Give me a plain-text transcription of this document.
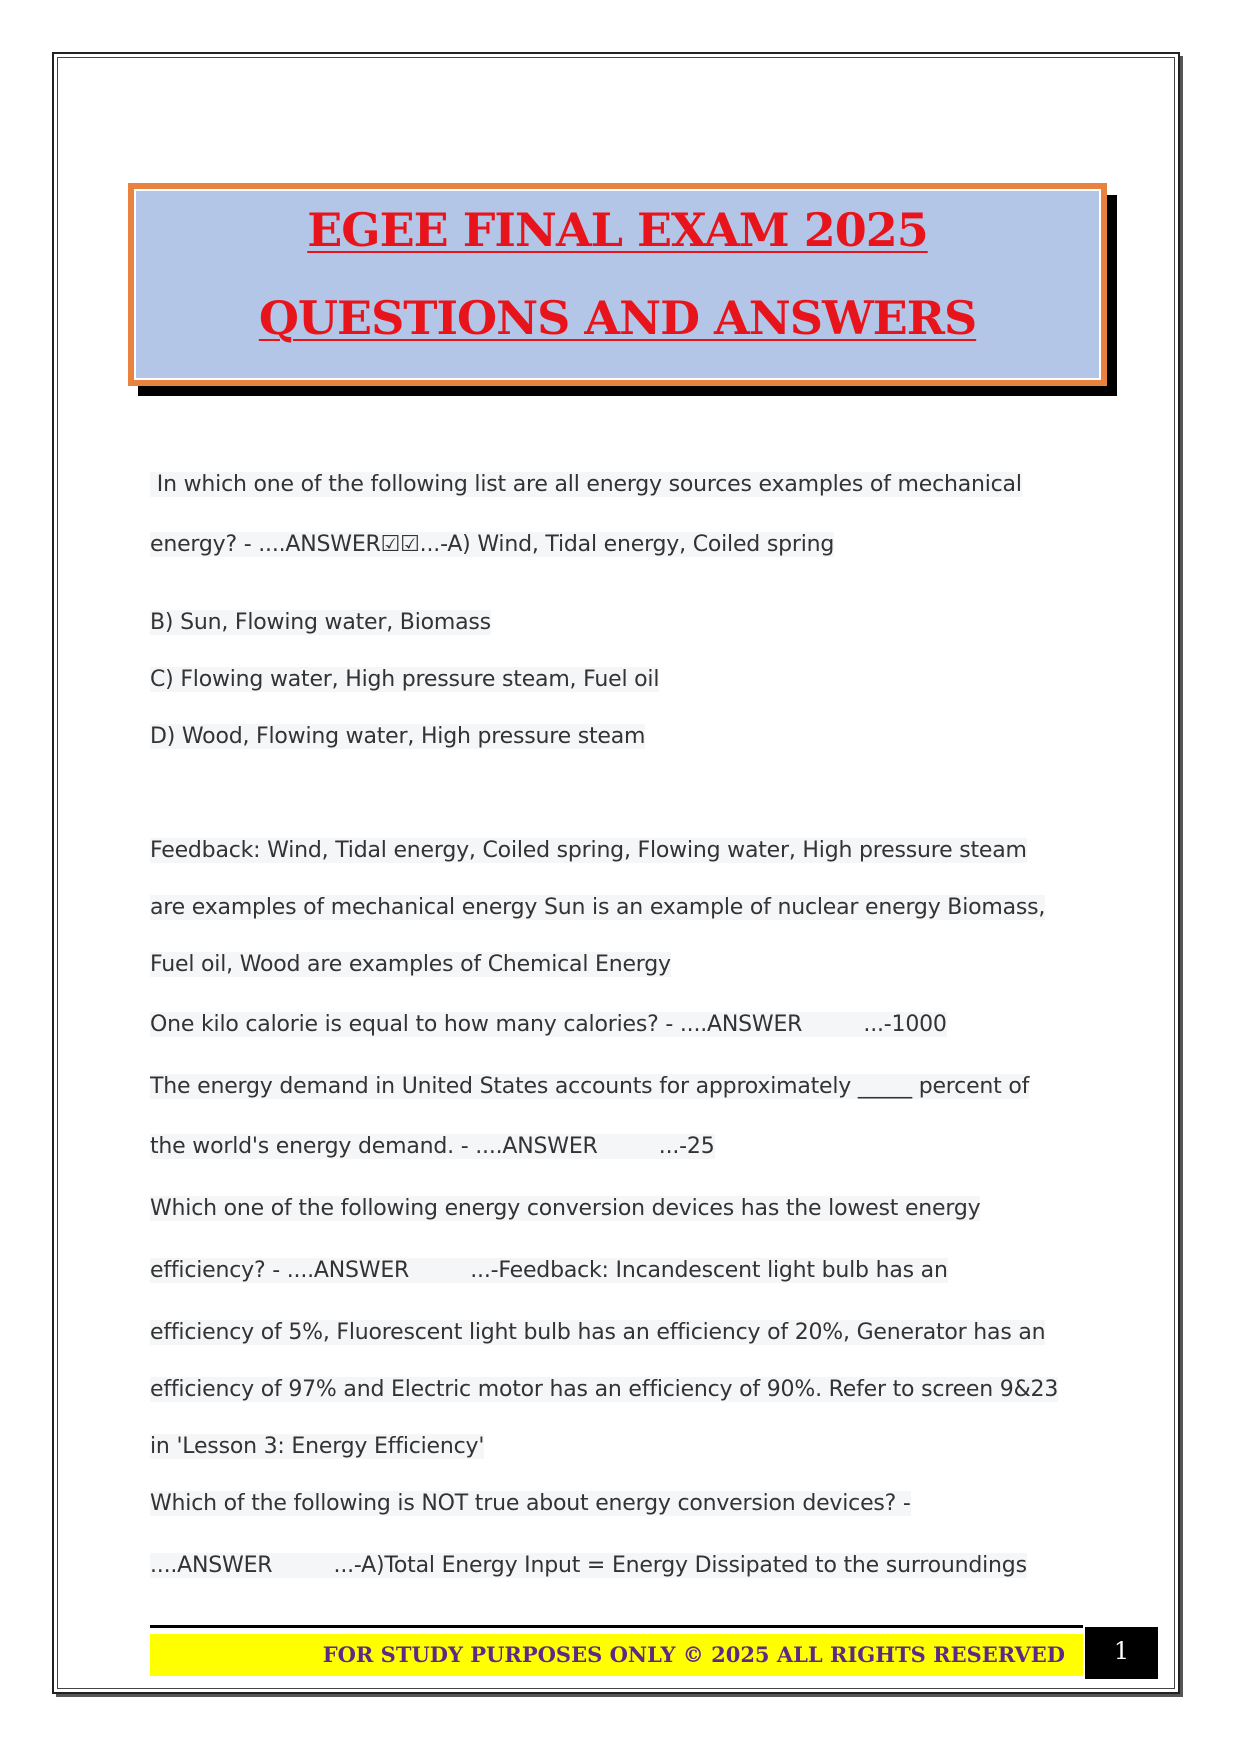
EGEE FINAL EXAM 2025
QUESTIONS AND ANSWERS
In which one of the following list are all energy sources examples of mechanical
energy? - ....ANSWER☑☑...-A) Wind, Tidal energy, Coiled spring
B) Sun, Flowing water, Biomass
C) Flowing water, High pressure steam, Fuel oil
D) Wood, Flowing water, High pressure steam
Feedback: Wind, Tidal energy, Coiled spring, Flowing water, High pressure steam
are examples of mechanical energy Sun is an example of nuclear energy Biomass,
Fuel oil, Wood are examples of Chemical Energy
One kilo calorie is equal to how many calories? - ....ANSWER         ...-1000
The energy demand in United States accounts for approximately _____ percent of
the world's energy demand. - ....ANSWER         ...-25
Which one of the following energy conversion devices has the lowest energy
efficiency? - ....ANSWER         ...-Feedback: Incandescent light bulb has an
efficiency of 5%, Fluorescent light bulb has an efficiency of 20%, Generator has an
efficiency of 97% and Electric motor has an efficiency of 90%. Refer to screen 9&23
in 'Lesson 3: Energy Efficiency'
Which of the following is NOT true about energy conversion devices? -
....ANSWER         ...-A)Total Energy Input = Energy Dissipated to the surroundings
FOR STUDY PURPOSES ONLY © 2025 ALL RIGHTS RESERVED	1
